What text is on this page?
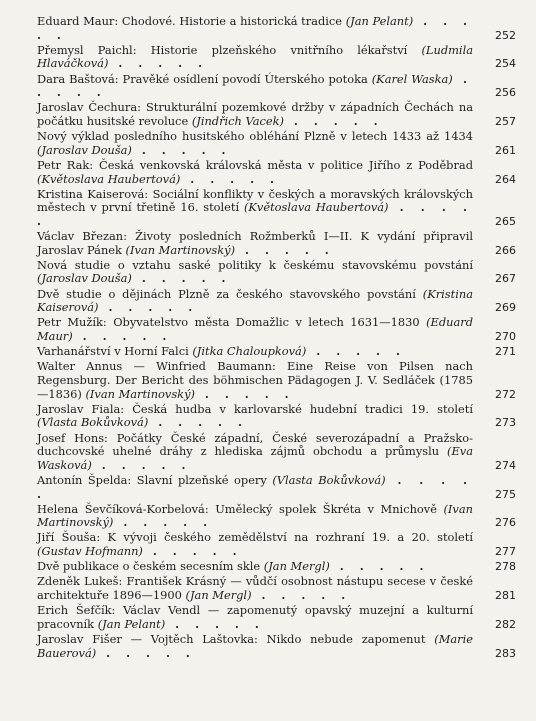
Eduard Maur: Chodové. Historie a historická tradice (Jan Pelant) . . . . .	252
Přemysl Paichl: Historie plzeňského vnitřního lékařství (Ludmila Hlaváčková) . . . . .	254
Dara Baštová: Pravěké osídlení povodí Úterského potoka (Karel Waska) . . . . .	256
Jaroslav Čechura: Strukturální pozemkové držby v západních Čechách na počátku husitské revoluce (Jindřich Vacek) . . . . .	257
Nový výklad posledního husitského obléhání Plzně v letech 1433 až 1434 (Jaroslav Douša) . . . . .	261
Petr Rak: Česká venkovská královská města v politice Jiřího z Poděbrad (Květoslava Haubertová) . . . . .	264
Kristina Kaiserová: Sociální konflikty v českých a moravských královských městech v první třetině 16. století (Květoslava Haubertová) . . . . .	265
Václav Březan: Životy posledních Rožmberků I—II. K vydání připravil Jaroslav Pánek (Ivan Martinovský) . . . . .	266
Nová studie o vztahu saské politiky k českému stavovskému povstání (Jaroslav Douša) . . . . .	267
Dvě studie o dějinách Plzně za českého stavovského povstání (Kristina Kaiserová) . . . . .	269
Petr Mužík: Obyvatelstvo města Domažlic v letech 1631—1830 (Eduard Maur) . . . . .	270
Varhanářství v Horní Falci (Jitka Chaloupková) . . . . .	271
Walter Annus — Winfried Baumann: Eine Reise von Pilsen nach Regensburg. Der Bericht des böhmischen Pädagogen J. V. Sedláček (1785—1836) (Ivan Martinovský) . . . . .	272
Jaroslav Fiala: Česká hudba v karlovarské hudební tradici 19. století (Vlasta Bokůvková) . . . . .	273
Josef Hons: Počátky České západní, České severozápadní a Pražsko-duchcovské uhelné dráhy z hlediska zájmů obchodu a průmyslu (Eva Wasková) . . . . .	274
Antonín Špelda: Slavní plzeňské opery (Vlasta Bokůvková) . . . . .	275
Helena Ševčíková-Korbelová: Umělecký spolek Škréta v Mnichově (Ivan Martinovský) . . . . .	276
Jiří Šouša: K vývoji českého zemědělství na rozhraní 19. a 20. století (Gustav Hofmann) . . . . .	277
Dvě publikace o českém secesním skle (Jan Mergl) . . . . .	278
Zdeněk Lukeš: František Krásný — vůdčí osobnost nástupu secese v české architektuře 1896—1900 (Jan Mergl) . . . . .	281
Erich Šefčík: Václav Vendl — zapomenutý opavský muzejní a kulturní pracovník (Jan Pelant) . . . . .	282
Jaroslav Fišer — Vojtěch Laštovka: Nikdo nebude zapomenut (Marie Bauerová) . . . . .	283
